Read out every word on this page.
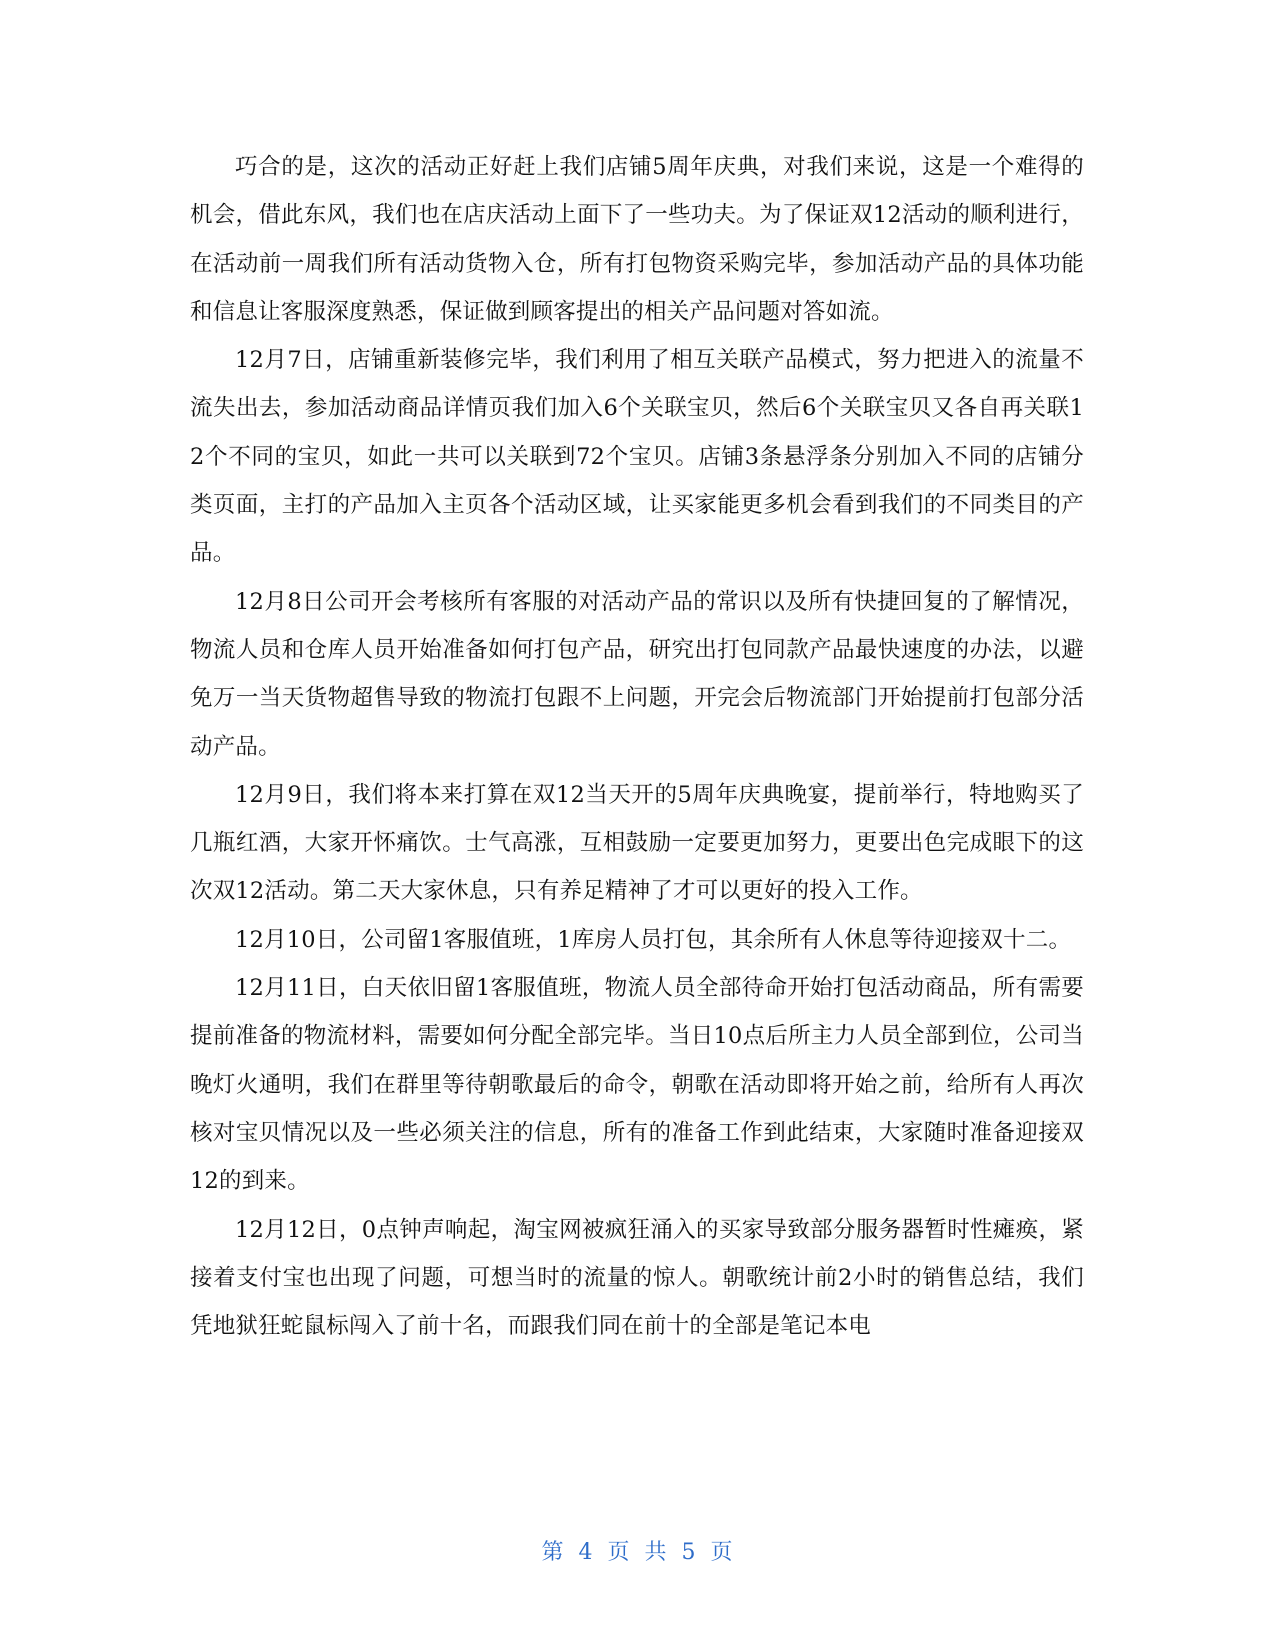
巧合的是，这次的活动正好赶上我们店铺5周年庆典，对我们来说，这是一个难得的机会，借此东风，我们也在店庆活动上面下了一些功夫。为了保证双12活动的顺利进行，在活动前一周我们所有活动货物入仓，所有打包物资采购完毕，参加活动产品的具体功能和信息让客服深度熟悉，保证做到顾客提出的相关产品问题对答如流。

12月7日，店铺重新装修完毕，我们利用了相互关联产品模式，努力把进入的流量不流失出去，参加活动商品详情页我们加入6个关联宝贝，然后6个关联宝贝又各自再关联12个不同的宝贝，如此一共可以关联到72个宝贝。店铺3条悬浮条分别加入不同的店铺分类页面，主打的产品加入主页各个活动区域，让买家能更多机会看到我们的不同类目的产品。

12月8日公司开会考核所有客服的对活动产品的常识以及所有快捷回复的了解情况，物流人员和仓库人员开始准备如何打包产品，研究出打包同款产品最快速度的办法，以避免万一当天货物超售导致的物流打包跟不上问题，开完会后物流部门开始提前打包部分活动产品。

12月9日，我们将本来打算在双12当天开的5周年庆典晚宴，提前举行，特地购买了几瓶红酒，大家开怀痛饮。士气高涨，互相鼓励一定要更加努力，更要出色完成眼下的这次双12活动。第二天大家休息，只有养足精神了才可以更好的投入工作。

12月10日，公司留1客服值班，1库房人员打包，其余所有人休息等待迎接双十二。

12月11日，白天依旧留1客服值班，物流人员全部待命开始打包活动商品，所有需要提前准备的物流材料，需要如何分配全部完毕。当日10点后所主力人员全部到位，公司当晚灯火通明，我们在群里等待朝歌最后的命令，朝歌在活动即将开始之前，给所有人再次核对宝贝情况以及一些必须关注的信息，所有的准备工作到此结束，大家随时准备迎接双12的到来。

12月12日，0点钟声响起，淘宝网被疯狂涌入的买家导致部分服务器暂时性瘫痪，紧接着支付宝也出现了问题，可想当时的流量的惊人。朝歌统计前2小时的销售总结，我们凭地狱狂蛇鼠标闯入了前十名，而跟我们同在前十的全部是笔记本电

第 4 页 共 5 页
